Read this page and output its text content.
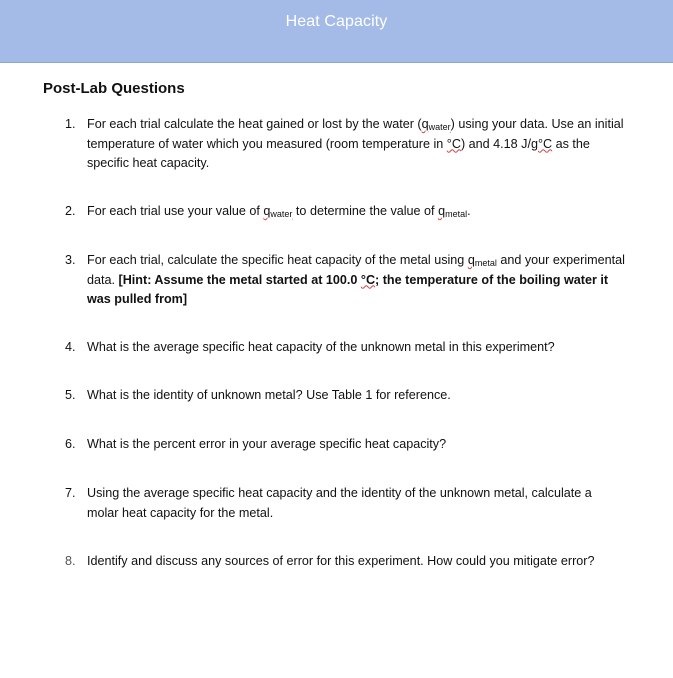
Heat Capacity
Post-Lab Questions
1. For each trial calculate the heat gained or lost by the water $(q_{water})$ using your data. Use an initial temperature of water which you measured (room temperature in °C) and 4.18 J/g°C as the specific heat capacity.
2. For each trial use your value of $q_{water}$ to determine the value of $q_{metal}$.
3. For each trial, calculate the specific heat capacity of the metal using $q_{metal}$ and your experimental data. [Hint: Assume the metal started at 100.0 °C; the temperature of the boiling water it was pulled from]
4. What is the average specific heat capacity of the unknown metal in this experiment?
5. What is the identity of unknown metal? Use Table 1 for reference.
6. What is the percent error in your average specific heat capacity?
7. Using the average specific heat capacity and the identity of the unknown metal, calculate a molar heat capacity for the metal.
8. Identify and discuss any sources of error for this experiment. How could you mitigate error?
